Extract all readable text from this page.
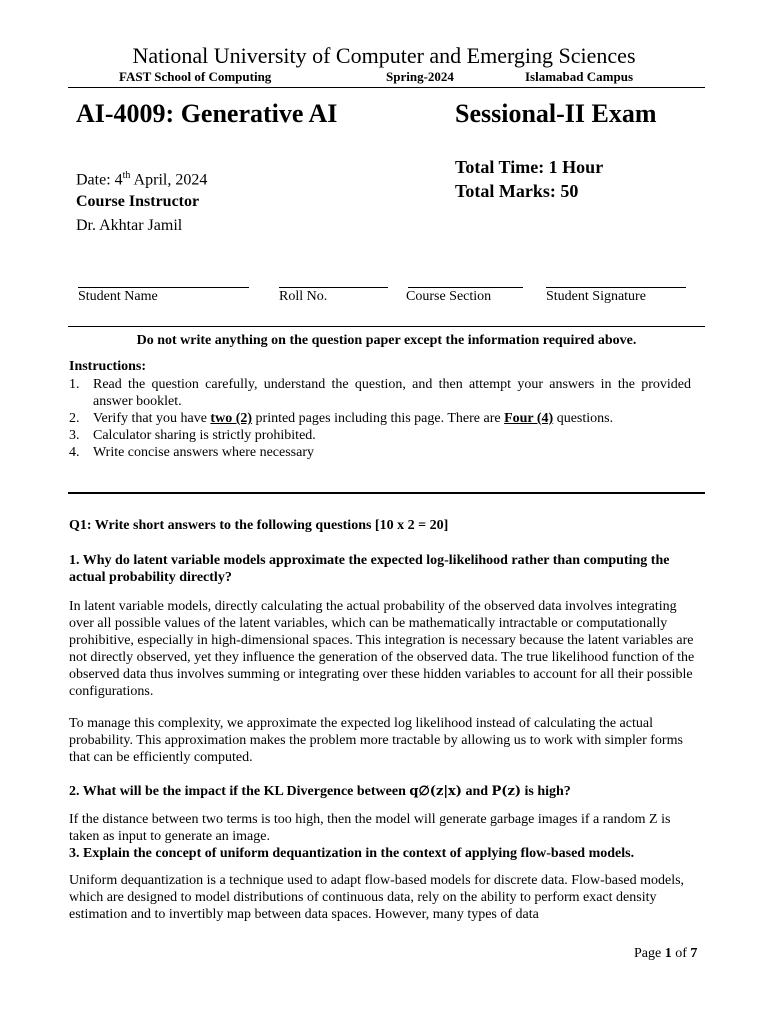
National University of Computer and Emerging Sciences
FAST School of Computing	Spring-2024	Islamabad Campus
AI-4009: Generative AI	Sessional-II Exam
Date: 4th April, 2024
Course Instructor
Dr. Akhtar Jamil
Total Time: 1 Hour
Total Marks: 50
Student Name	Roll No.	Course Section	Student Signature
Do not write anything on the question paper except the information required above.
Instructions:
1. Read the question carefully, understand the question, and then attempt your answers in the provided answer booklet.
2. Verify that you have two (2) printed pages including this page. There are Four (4) questions.
3. Calculator sharing is strictly prohibited.
4. Write concise answers where necessary
Q1: Write short answers to the following questions [10 x 2 = 20]
1. Why do latent variable models approximate the expected log-likelihood rather than computing the actual probability directly?
In latent variable models, directly calculating the actual probability of the observed data involves integrating over all possible values of the latent variables, which can be mathematically intractable or computationally prohibitive, especially in high-dimensional spaces. This integration is necessary because the latent variables are not directly observed, yet they influence the generation of the observed data. The true likelihood function of the observed data thus involves summing or integrating over these hidden variables to account for all their possible configurations.
To manage this complexity, we approximate the expected log likelihood instead of calculating the actual probability. This approximation makes the problem more tractable by allowing us to work with simpler forms that can be efficiently computed.
2. What will be the impact if the KL Divergence between q∅(z|x) and P(z) is high?
If the distance between two terms is too high, then the model will generate garbage images if a random Z is taken as input to generate an image.
3. Explain the concept of uniform dequantization in the context of applying flow-based models.
Uniform dequantization is a technique used to adapt flow-based models for discrete data. Flow-based models, which are designed to model distributions of continuous data, rely on the ability to perform exact density estimation and to invertibly map between data spaces. However, many types of data
Page 1 of 7
